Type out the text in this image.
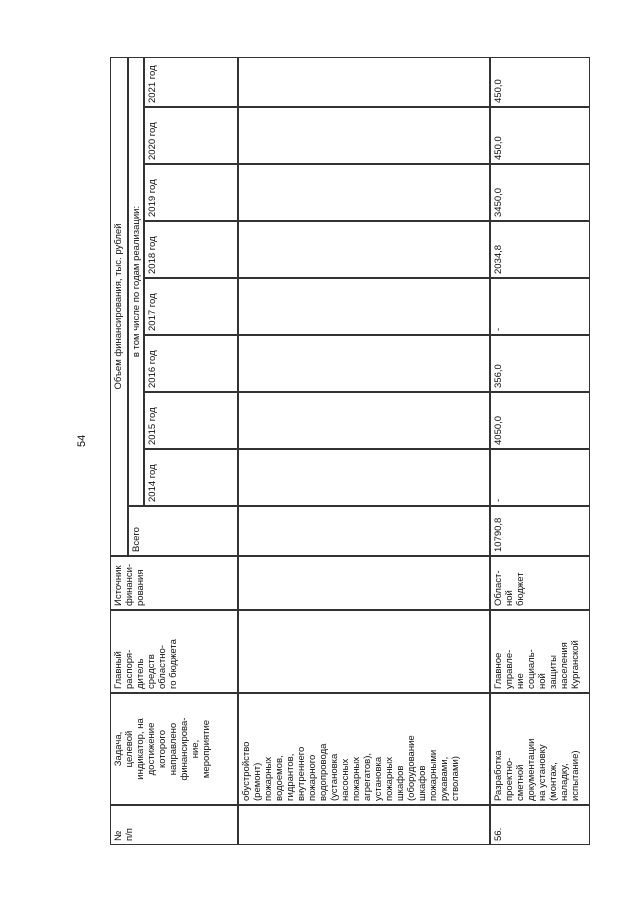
54
№
п/п
Задача,
целевой
индикатор, на
достижение
которого
направлено
финансирова-
ние,
мероприятие
Главный
распоря-
дитель
средств
областно-
го бюджета
Источник
финанси-
рования
Объем финансирования, тыс. рублей
Всего
в том числе по годам реализации:
2014 год
2015 год
2016 год
2017 год
2018 год
2019 год
2020 год
2021 год
обустройство
(ремонт)
пожарных
водоемов,
гидрантов,
внутреннего
пожарного
водопровода
(установка
насосных
пожарных
агрегатов),
установка
пожарных
шкафов
(оборудование
шкафов
пожарными
рукавами,
стволами)
56.
Разработка
проектно-
сметной
документации
на установку
(монтаж,
наладку,
испытание)
Главное
управле-
ние
социаль-
ной
защиты
населения
Курганской
Област-
ной
бюджет
10790,8
-
4050,0
356,0
-
2034,8
3450,0
450,0
450,0
